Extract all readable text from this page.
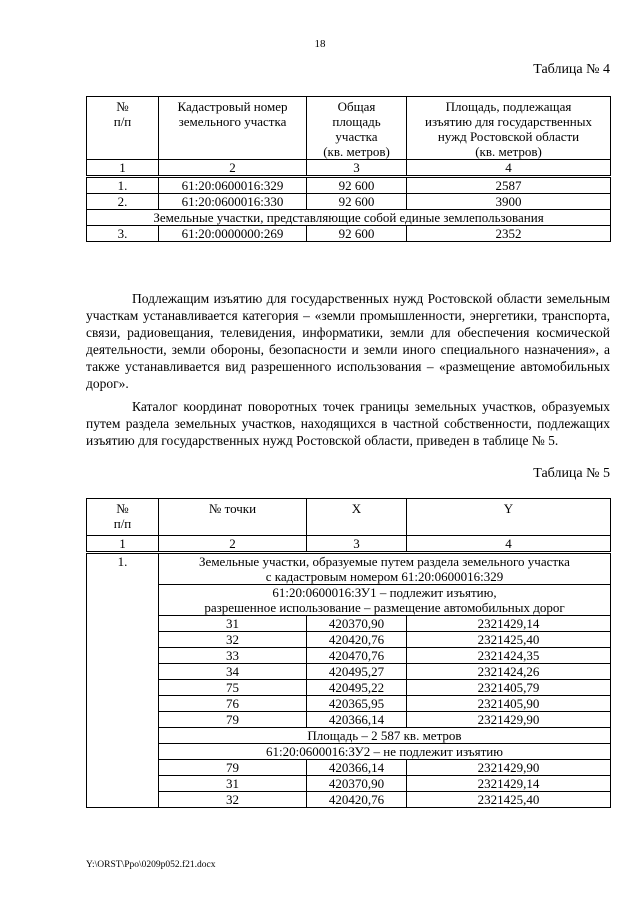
18
Таблица № 4
№
п/п	Кадастровый номер
земельного участка	Общая
площадь
участка
(кв. метров)	Площадь, подлежащая
изъятию для государственных
нужд Ростовской области
(кв. метров)
1	2	3	4
1.	61:20:0600016:329	92 600	2587
2.	61:20:0600016:330	92 600	3900
Земельные участки, представляющие собой единые землепользования			
3.	61:20:0000000:269	92 600	2352

Подлежащим изъятию для государственных нужд Ростовской области земельным участкам устанавливается категория – «земли промышленности, энергетики, транспорта, связи, радиовещания, телевидения, информатики, земли для обеспечения космической деятельности, земли обороны, безопасности и земли иного специального назначения», а также устанавливается вид разрешенного использования – «размещение автомобильных дорог».

Каталог координат поворотных точек границы земельных участков, образуемых путем раздела земельных участков, находящихся в частной собственности, подлежащих изъятию для государственных нужд Ростовской области, приведен в таблице № 5.

Таблица № 5
№
п/п	№ точки	X	Y
1	2	3	4
1.	Земельные участки, образуемые путем раздела земельного участка
с кадастровым номером 61:20:0600016:329		
	61:20:0600016:ЗУ1 – подлежит изъятию,
разрешенное использование – размещение автомобильных дорог		
	31	420370,90	2321429,14
	32	420420,76	2321425,40
	33	420470,76	2321424,35
	34	420495,27	2321424,26
	75	420495,22	2321405,79
	76	420365,95	2321405,90
	79	420366,14	2321429,90
	Площадь – 2 587 кв. метров		
	61:20:0600016:ЗУ2 – не подлежит изъятию		
	79	420366,14	2321429,90
	31	420370,90	2321429,14
	32	420420,76	2321425,40
Y:\ORST\Ppo\0209p052.f21.docx
